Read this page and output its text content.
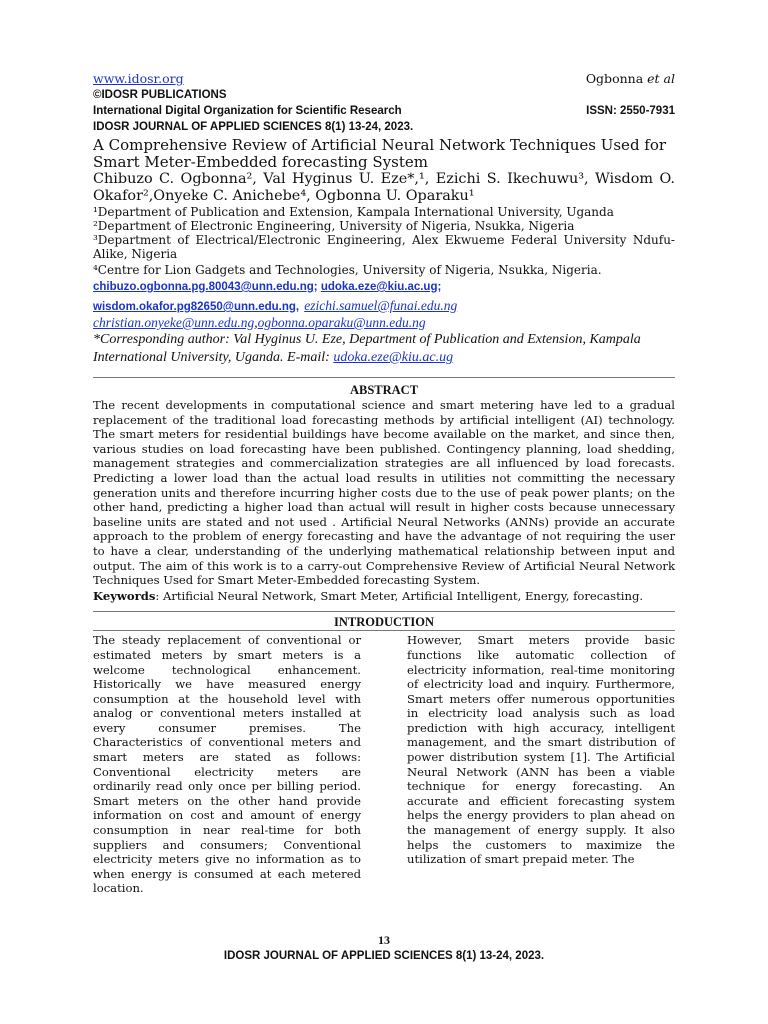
www.idosr.org	Ogbonna et al
©IDOSR PUBLICATIONS
International Digital Organization for Scientific Research	ISSN: 2550-7931
IDOSR JOURNAL OF APPLIED SCIENCES 8(1) 13-24, 2023.
A Comprehensive Review of Artificial Neural Network Techniques Used for Smart Meter-Embedded forecasting System
Chibuzo C. Ogbonna², Val Hyginus U. Eze*,¹, Ezichi S. Ikechuwu³, Wisdom O. Okafor²,Onyeke C. Anichebe⁴, Ogbonna U. Oparaku¹
¹Department of Publication and Extension, Kampala International University, Uganda
²Department of Electronic Engineering, University of Nigeria, Nsukka, Nigeria
³Department of Electrical/Electronic Engineering, Alex Ekwueme Federal University Ndufu-Alike, Nigeria
⁴Centre for Lion Gadgets and Technologies, University of Nigeria, Nsukka, Nigeria.
chibuzo.ogbonna.pg.80043@unn.edu.ng; udoka.eze@kiu.ac.ug;
wisdom.okafor.pg82650@unn.edu.ng, ezichi.samuel@funai.edu.ng
christian.onyeke@unn.edu.ng,ogbonna.oparaku@unn.edu.ng
*Corresponding author: Val Hyginus U. Eze, Department of Publication and Extension, Kampala International University, Uganda. E-mail: udoka.eze@kiu.ac.ug
ABSTRACT
The recent developments in computational science and smart metering have led to a gradual replacement of the traditional load forecasting methods by artificial intelligent (AI) technology. The smart meters for residential buildings have become available on the market, and since then, various studies on load forecasting have been published. Contingency planning, load shedding, management strategies and commercialization strategies are all influenced by load forecasts. Predicting a lower load than the actual load results in utilities not committing the necessary generation units and therefore incurring higher costs due to the use of peak power plants; on the other hand, predicting a higher load than actual will result in higher costs because unnecessary baseline units are stated and not used . Artificial Neural Networks (ANNs) provide an accurate approach to the problem of energy forecasting and have the advantage of not requiring the user to have a clear, understanding of the underlying mathematical relationship between input and output. The aim of this work is to a carry-out Comprehensive Review of Artificial Neural Network Techniques Used for Smart Meter-Embedded forecasting System.
Keywords: Artificial Neural Network, Smart Meter, Artificial Intelligent, Energy, forecasting.
INTRODUCTION
The steady replacement of conventional or estimated meters by smart meters is a welcome technological enhancement. Historically we have measured energy consumption at the household level with analog or conventional meters installed at every consumer premises. The Characteristics of conventional meters and smart meters are stated as follows: Conventional electricity meters are ordinarily read only once per billing period. Smart meters on the other hand provide information on cost and amount of energy consumption in near real-time for both suppliers and consumers; Conventional electricity meters give no information as to when energy is consumed at each metered location.
However, Smart meters provide basic functions like automatic collection of electricity information, real-time monitoring of electricity load and inquiry. Furthermore, Smart meters offer numerous opportunities in electricity load analysis such as load prediction with high accuracy, intelligent management, and the smart distribution of power distribution system [1]. The Artificial Neural Network (ANN has been a viable technique for energy forecasting. An accurate and efficient forecasting system helps the energy providers to plan ahead on the management of energy supply. It also helps the customers to maximize the utilization of smart prepaid meter. The
13
IDOSR JOURNAL OF APPLIED SCIENCES 8(1) 13-24, 2023.
